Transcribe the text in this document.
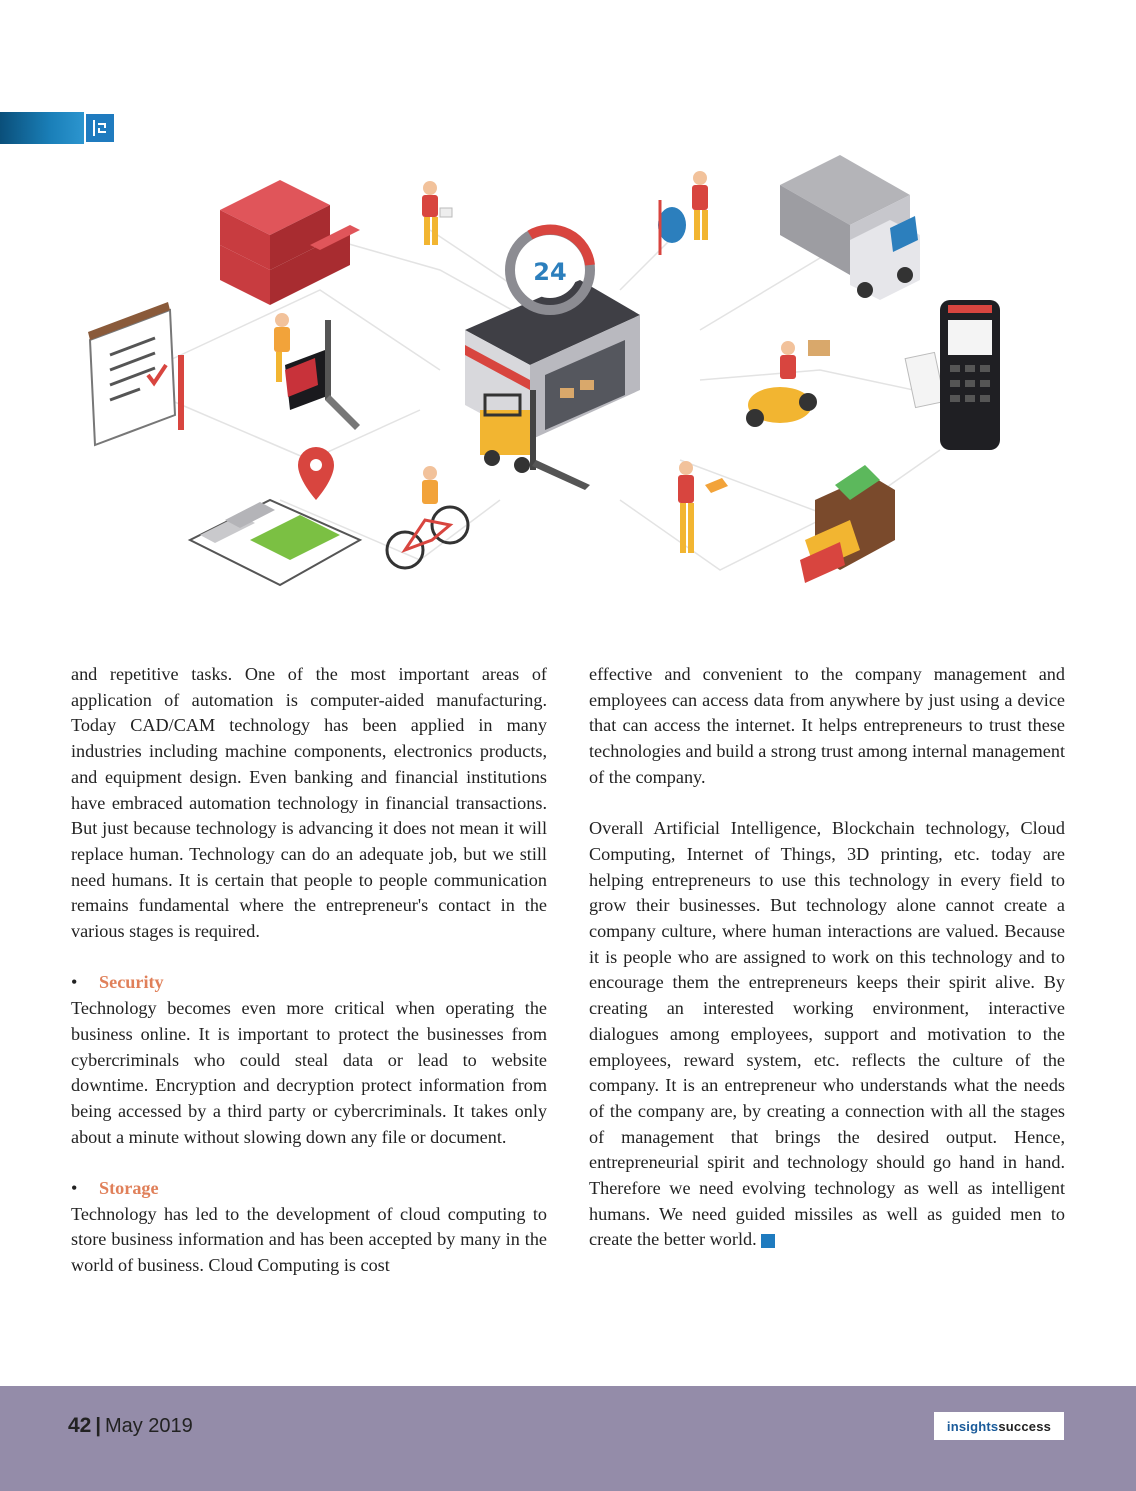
24

and repetitive tasks. One of the most important areas of application of automation is computer-aided manufacturing. Today CAD/CAM technology has been applied in many industries including machine components, electronics products, and equipment design. Even banking and financial institutions have embraced automation technology in financial transactions. But just because technology is advancing it does not mean it will replace human. Technology can do an adequate job, but we still need humans. It is certain that people to people communication remains fundamental where the entrepreneur's contact in the various stages is required.

• Security

Technology becomes even more critical when operating the business online. It is important to protect the businesses from cybercriminals who could steal data or lead to website downtime. Encryption and decryption protect information from being accessed by a third party or cybercriminals. It takes only about a minute without slowing down any file or document.

• Storage

Technology has led to the development of cloud computing to store business information and has been accepted by many in the world of business. Cloud Computing is cost

effective and convenient to the company management and employees can access data from anywhere by just using a device that can access the internet. It helps entrepreneurs to trust these technologies and build a strong trust among internal management of the company.

Overall Artificial Intelligence, Blockchain technology, Cloud Computing, Internet of Things, 3D printing, etc. today are helping entrepreneurs to use this technology in every field to grow their businesses. But technology alone cannot create a company culture, where human interactions are valued. Because it is people who are assigned to work on this technology and to encourage them the entrepreneurs keeps their spirit alive. By creating an interested working environment, interactive dialogues among employees, support and motivation to the employees, reward system, etc. reflects the culture of the company. It is an entrepreneur who understands what the needs of the company are, by creating a connection with all the stages of management that brings the desired output. Hence, entrepreneurial spirit and technology should go hand in hand. Therefore we need evolving technology as well as intelligent humans. We need guided missiles as well as guided men to create the better world.

42 | May 2019	insights success
